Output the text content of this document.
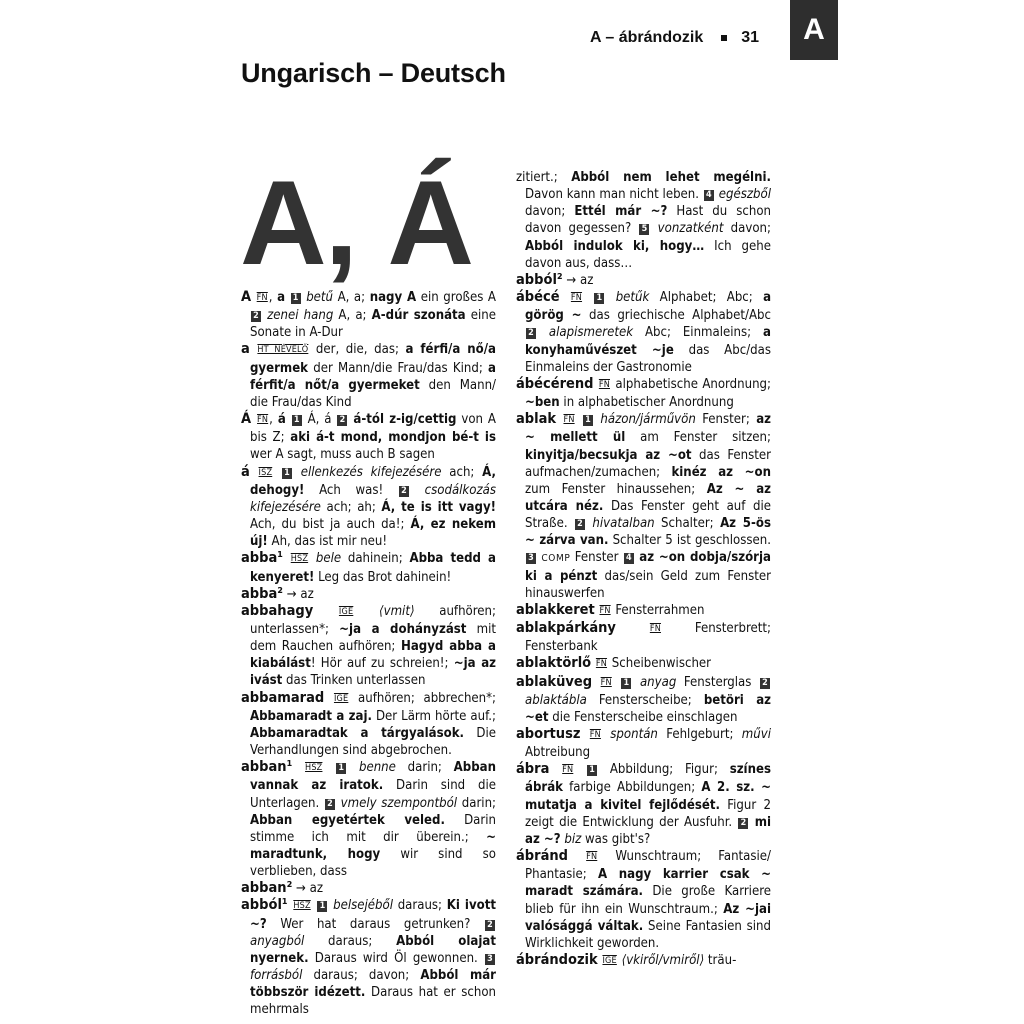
A – ábrándozik 31 A
Ungarisch – Deutsch
A, Á

A FN, a 1 betű A, a; nagy A ein großes A 2 zenei hang A, a; A-dúr szonáta eine Sonate in A-Dur

a HT NÉVELŐ der, die, das; a férfi/a nő/a gyermek der Mann/die Frau/das Kind; a férfit/a nőt/a gyermeket den Mann/ die Frau/das Kind

Á FN, á 1 Á, á 2 á-tól z-ig/cettig von A bis Z; aki á-t mond, mondjon bé-t is wer A sagt, muss auch B sagen

á ISZ 1 ellenkezés kifejezésére ach; Á, dehogy! Ach was! 2 csodálkozás kifejezésére ach; ah; Á, te is itt vagy! Ach, du bist ja auch da!; Á, ez nekem új! Ah, das ist mir neu!

abba¹ HSZ bele dahinein; Abba tedd a kenyeret! Leg das Brot dahinein!

abba² → az

abbahagy	IGE ⟨vmit⟩ aufhören; unterlassen*; ~ja a dohányzást mit dem Rauchen aufhören; Hagyd abba a kiabálást! Hör auf zu schreien!; ~ja az ivást das Trinken unterlassen

abbamarad IGE aufhören; abbrechen*; Abbamaradt a zaj. Der Lärm hörte auf.; Abbamaradtak a tárgyalások. Die Verhandlungen sind abgebrochen.

abban¹ HSZ 1 benne darin; Abban vannak az iratok. Darin sind die Unterlagen. 2 vmely szempontból darin; Abban egyetértek veled. Darin stimme ich mit dir überein.; ~ maradtunk, hogy wir sind so verblieben, dass

abban² → az

abból¹ HSZ 1 belsejéből daraus; Ki ivott ~? Wer hat daraus getrunken? 2 anyagból daraus; Abból olajat nyernek. Daraus wird Öl gewonnen. 3 forrásból daraus; davon; Abból már többször idézett. Daraus hat er schon mehrmals

zitiert.; Abból nem lehet megélni. Davon kann man nicht leben. 4 egészből davon; Ettél már ~? Hast du schon davon gegessen? 5 vonzatként davon; Abból indulok ki, hogy… Ich gehe davon aus, dass…

abból² → az

ábécé FN 1 betűk Alphabet; Abc; a görög ~ das griechische Alphabet/Abc 2 alapismeretek Abc; Einmaleins; a konyhaművészet ~je das Abc/das Einmaleins der Gastronomie

ábécérend FN alphabetische Anordnung; ~ben in alphabetischer Anordnung

ablak FN 1 házon/járművön Fenster; az ~ mellett ül am Fenster sitzen; kinyitja/becsukja az ~ot das Fenster aufmachen/zumachen; kinéz az ~on zum Fenster hinaussehen; Az ~ az utcára néz. Das Fenster geht auf die Straße. 2 hivatalban Schalter; Az 5-ös ~ zárva van. Schalter 5 ist geschlossen. 3 COMP Fenster 4 az ~on dobja/szórja ki a pénzt das/sein Geld zum Fenster hinauswerfen

ablakkeret FN Fensterrahmen

ablakpárkány	FN Fensterbrett; Fensterbank

ablaktörlő FN Scheibenwischer

ablaküveg FN 1 anyag Fensterglas 2 ablaktábla Fensterscheibe; betöri az ~et die Fensterscheibe einschlagen

abortusz FN spontán Fehlgeburt; művi Abtreibung

ábra FN 1 Abbildung; Figur; színes ábrák farbige Abbildungen; A 2. sz. ~ mutatja a kivitel fejlődését. Figur 2 zeigt die Entwicklung der Ausfuhr. 2 mi az ~? biz was gibt's?

ábránd FN Wunschtraum; Fantasie/ Phantasie; A nagy karrier csak ~ maradt számára. Die große Karriere blieb für ihn ein Wunschtraum.; Az ~jai valósággá váltak. Seine Fantasien sind Wirklichkeit geworden.

ábrándozik IGE ⟨vkiről/vmiről⟩ träu-
